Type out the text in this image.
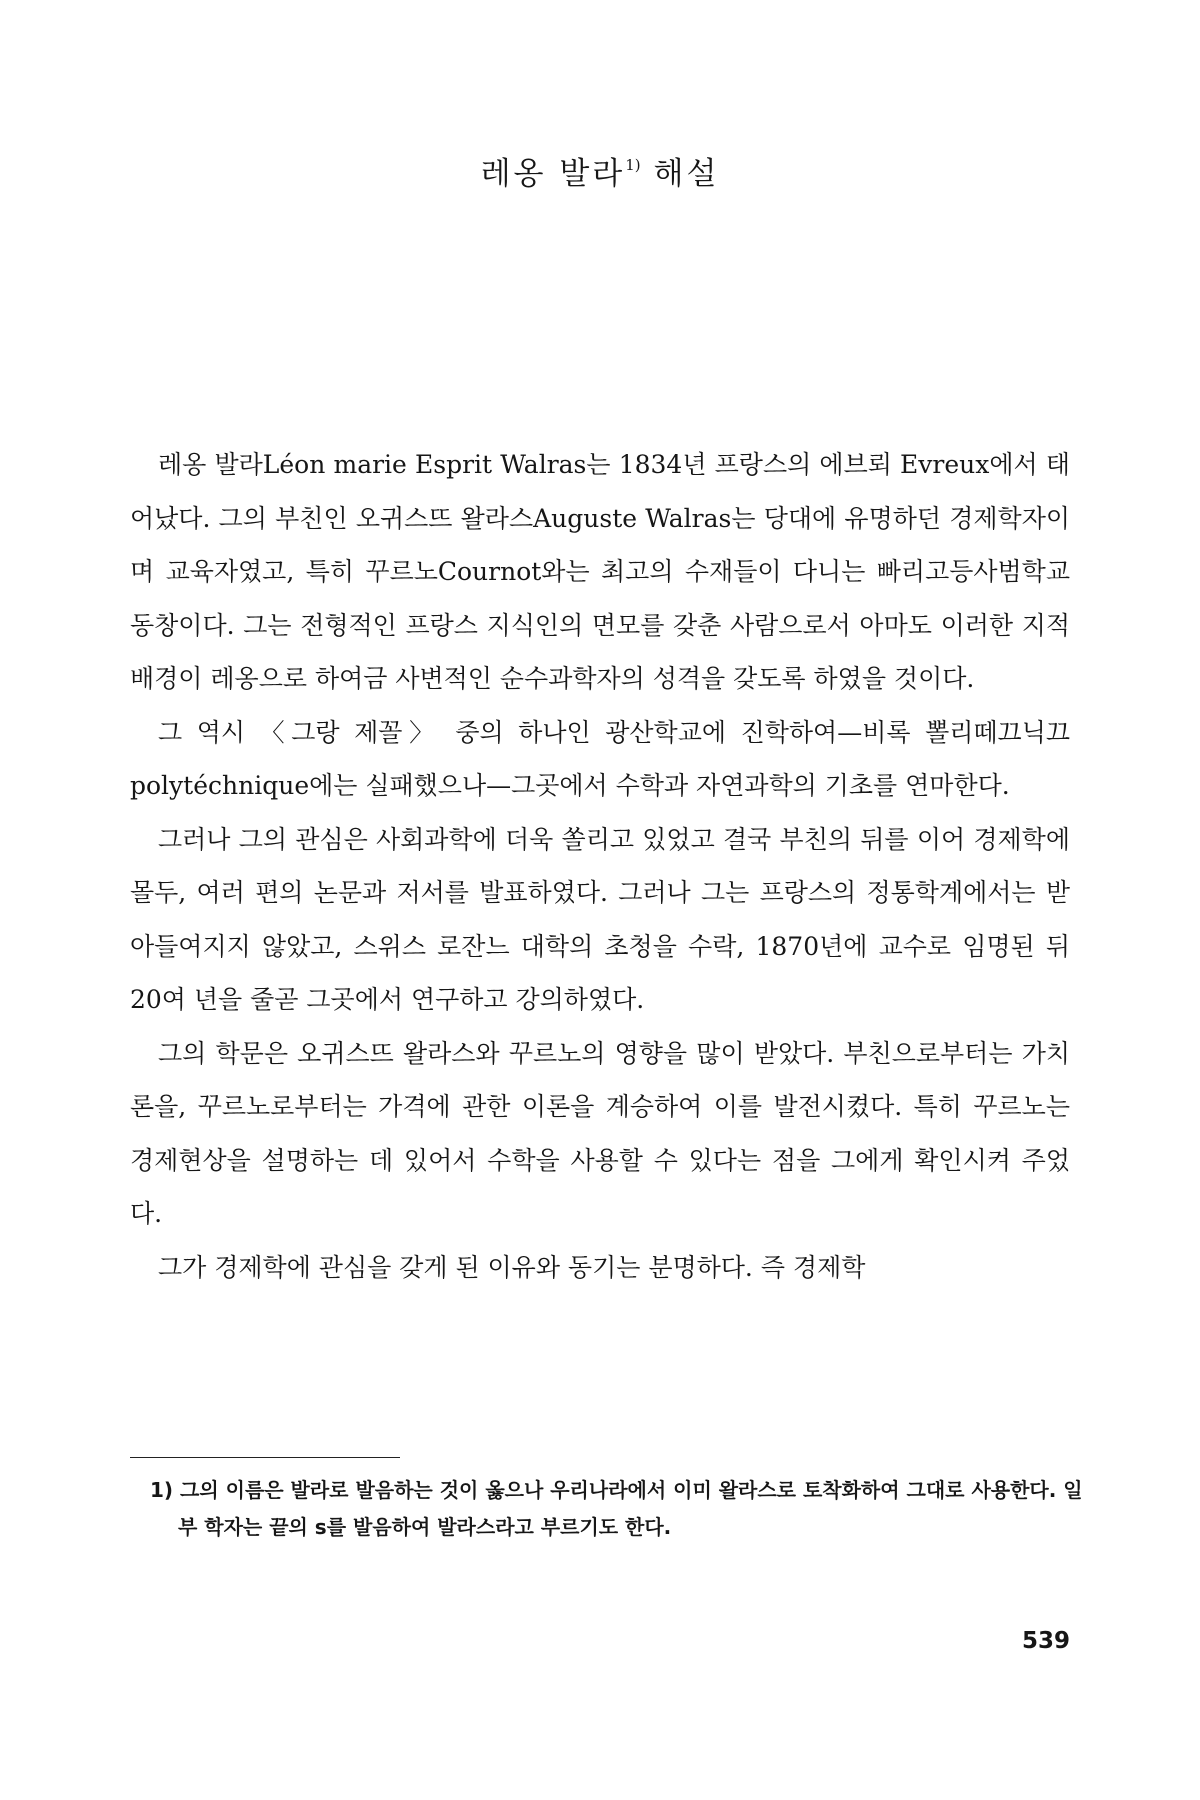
레옹 발라$^{1)}$ 해설

레옹 발라Léon marie Esprit Walras는 1834년 프랑스의 에브뢰 Evreux에서 태어났다. 그의 부친인 오귀스뜨 왈라스Auguste Walras는 당대에 유명하던 경제학자이며 교육자였고, 특히 꾸르노Cournot와는 최고의 수재들이 다니는 빠리고등사범학교 동창이다. 그는 전형적인 프랑스 지식인의 면모를 갖춘 사람으로서 아마도 이러한 지적 배경이 레옹으로 하여금 사변적인 순수과학자의 성격을 갖도록 하였을 것이다.

그 역시 〈그랑 제꼴〉 중의 하나인 광산학교에 진학하여—비록 뽈리떼끄닉끄 polytéchnique에는 실패했으나—그곳에서 수학과 자연과학의 기초를 연마한다.

그러나 그의 관심은 사회과학에 더욱 쏠리고 있었고 결국 부친의 뒤를 이어 경제학에 몰두, 여러 편의 논문과 저서를 발표하였다. 그러나 그는 프랑스의 정통학계에서는 받아들여지지 않았고, 스위스 로잔느 대학의 초청을 수락, 1870년에 교수로 임명된 뒤 20여 년을 줄곧 그곳에서 연구하고 강의하였다.

그의 학문은 오귀스뜨 왈라스와 꾸르노의 영향을 많이 받았다. 부친으로부터는 가치론을, 꾸르노로부터는 가격에 관한 이론을 계승하여 이를 발전시켰다. 특히 꾸르노는 경제현상을 설명하는 데 있어서 수학을 사용할 수 있다는 점을 그에게 확인시켜 주었다.

그가 경제학에 관심을 갖게 된 이유와 동기는 분명하다. 즉 경제학

1) 그의 이름은 발라로 발음하는 것이 옳으나 우리나라에서 이미 왈라스로 토착화하여 그대로 사용한다. 일부 학자는 끝의 s를 발음하여 발라스라고 부르기도 한다.

539
